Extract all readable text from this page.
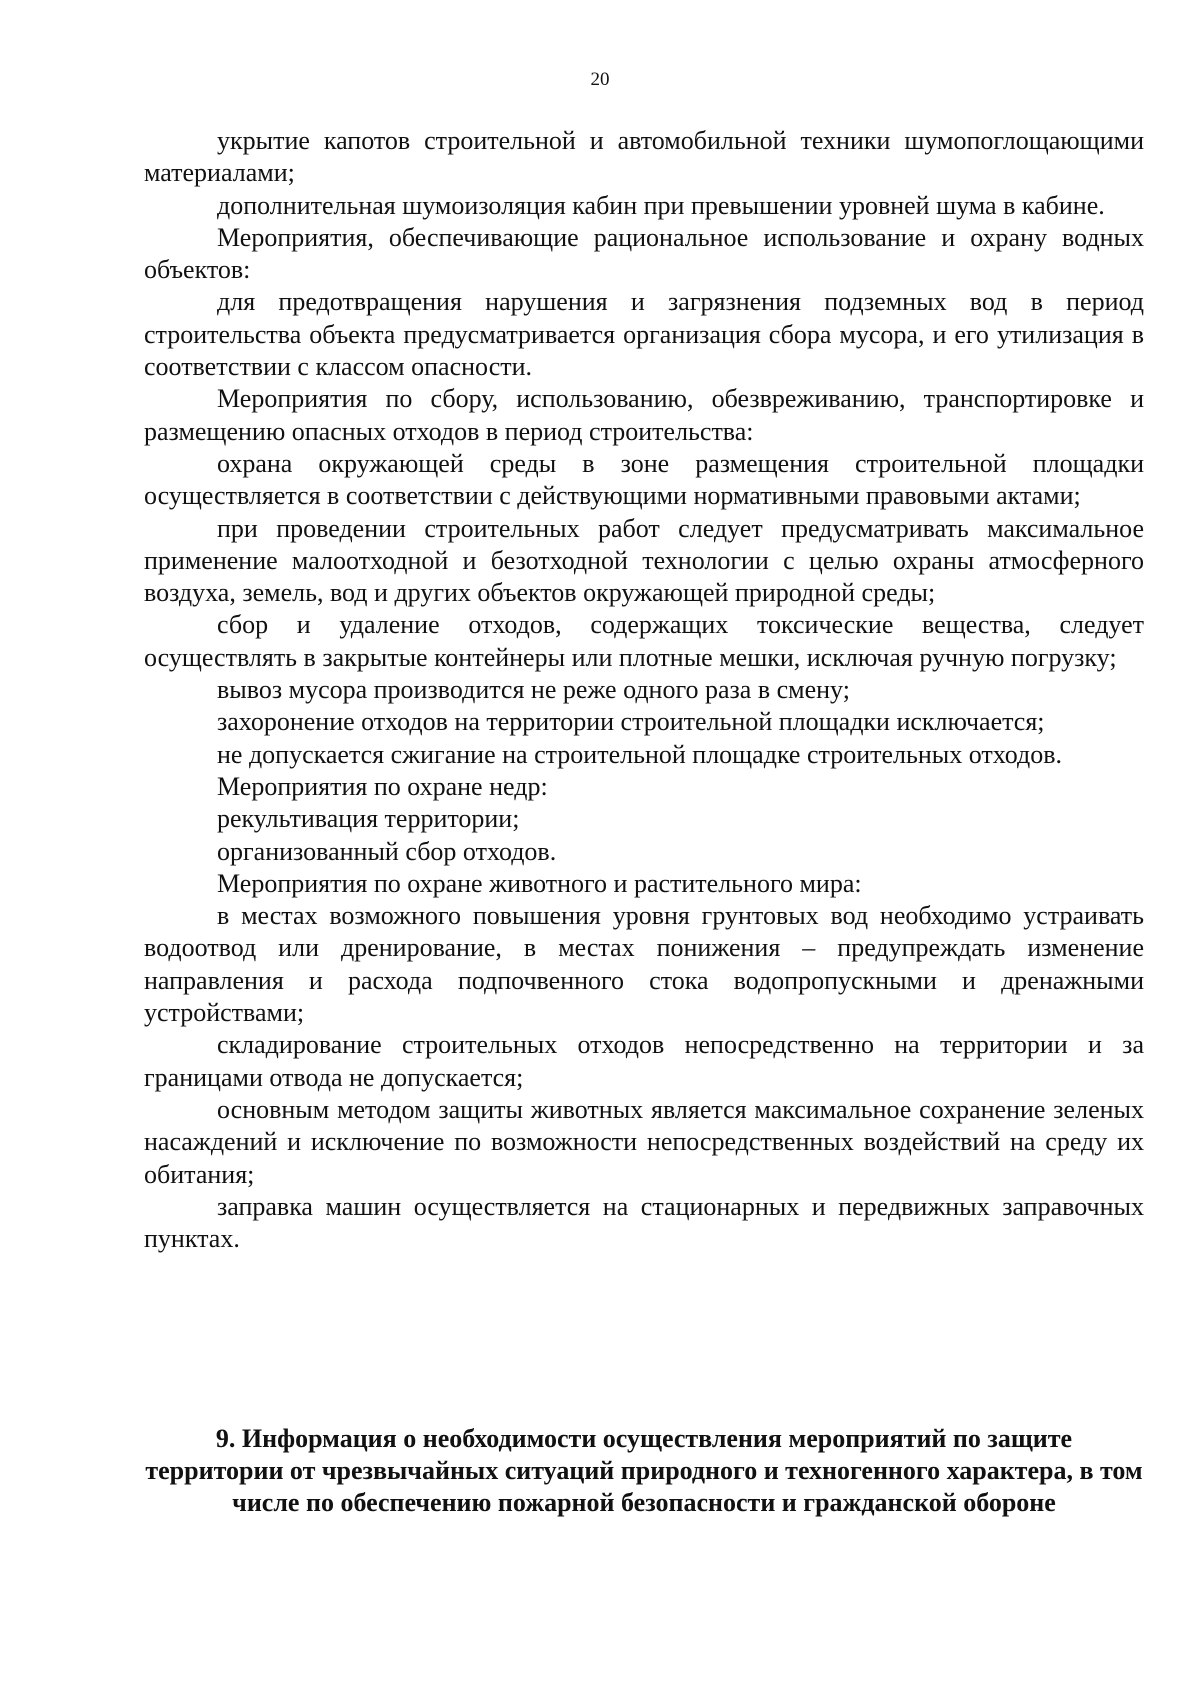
20

укрытие капотов строительной и автомобильной техники шумопоглощающими материалами;

дополнительная шумоизоляция кабин при превышении уровней шума в кабине.

Мероприятия, обеспечивающие рациональное использование и охрану водных объектов:

для предотвращения нарушения и загрязнения подземных вод в период строительства объекта предусматривается организация сбора мусора, и его утилизация в соответствии с классом опасности.

Мероприятия по сбору, использованию, обезвреживанию, транспортировке и размещению опасных отходов в период строительства:

охрана окружающей среды в зоне размещения строительной площадки осуществляется в соответствии с действующими нормативными правовыми актами;

при проведении строительных работ следует предусматривать максимальное применение малоотходной и безотходной технологии с целью охраны атмосферного воздуха, земель, вод и других объектов окружающей природной среды;

сбор и удаление отходов, содержащих токсические вещества, следует осуществлять в закрытые контейнеры или плотные мешки, исключая ручную погрузку;

вывоз мусора производится не реже одного раза в смену;

захоронение отходов на территории строительной площадки исключается;

не допускается сжигание на строительной площадке строительных отходов.

Мероприятия по охране недр:

рекультивация территории;

организованный сбор отходов.

Мероприятия по охране животного и растительного мира:

в местах возможного повышения уровня грунтовых вод необходимо устраивать водоотвод или дренирование, в местах понижения – предупреждать изменение направления и расхода подпочвенного стока водопропускными и дренажными устройствами;

складирование строительных отходов непосредственно на территории и за границами отвода не допускается;

основным методом защиты животных является максимальное сохранение зеленых насаждений и исключение по возможности непосредственных воздействий на среду их обитания;

заправка машин осуществляется на стационарных и передвижных заправочных пунктах.

9. Информация о необходимости осуществления мероприятий по защите территории от чрезвычайных ситуаций природного и техногенного характера, в том числе по обеспечению пожарной безопасности и гражданской обороне
